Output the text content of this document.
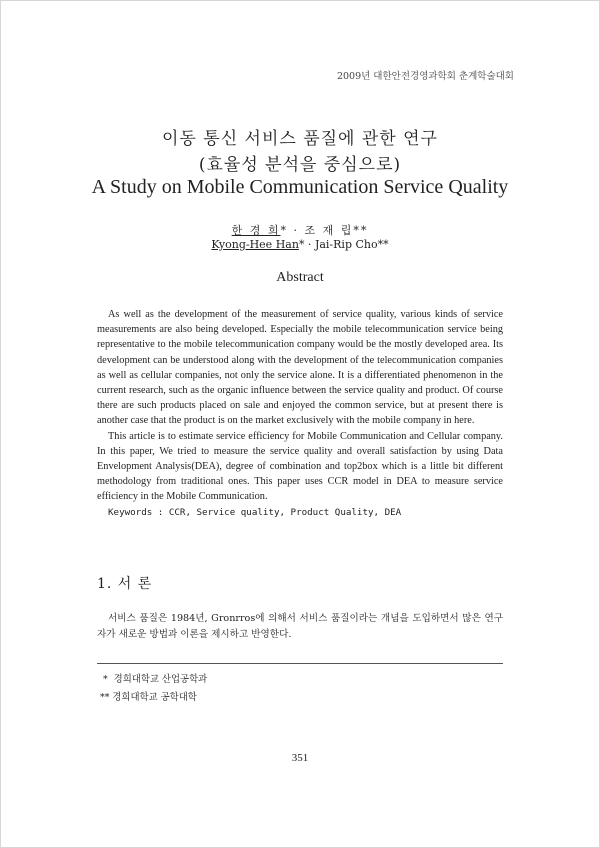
2009년 대한안전경영과학회 춘계학술대회
이동 통신 서비스 품질에 관한 연구
(효율성 분석을 중심으로)
A Study on Mobile Communication Service Quality
한 경 희* · 조 재 립**
Kyong-Hee Han* · Jai-Rip Cho**
Abstract

As well as the development of the measurement of service quality, various kinds of service measurements are also being developed. Especially the mobile telecommunication service being representative to the mobile telecommunication company would be the mostly developed area. Its development can be understood along with the development of the telecommunication companies as well as cellular companies, not only the service alone. It is a differentiated phenomenon in the current research, such as the organic influence between the service quality and product. Of course there are such products placed on sale and enjoyed the common service, but at present there is another case that the product is on the market exclusively with the mobile company in here.

This article is to estimate service efficiency for Mobile Communication and Cellular company. In this paper, We tried to measure the service quality and overall satisfaction by using Data Envelopment Analysis(DEA), degree of combination and top2box which is a little bit different methodology from traditional ones. This paper uses CCR model in DEA to measure service efficiency in the Mobile Communication.

Keywords : CCR, Service quality, Product Quality, DEA

1. 서 론

서비스 품질은 1984년, Gronrros에 의해서 서비스 품질이라는 개념을 도입하면서 많은 연구자가 새로운 방법과 이론을 제시하고 반영한다.

*  경희대학교 산업공학과
** 경희대학교 공학대학
351
